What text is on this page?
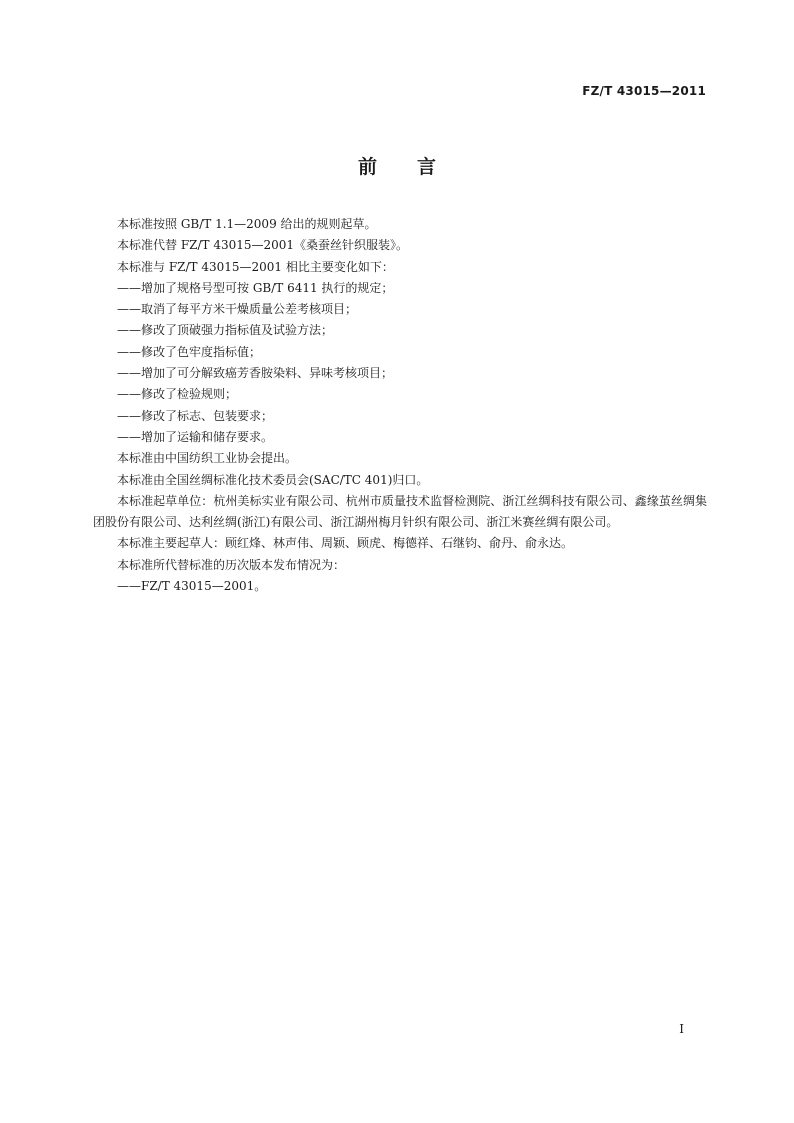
FZ/T 43015—2011
前言

本标准按照 GB/T 1.1—2009 给出的规则起草。

本标准代替 FZ/T 43015—2001《桑蚕丝针织服装》。

本标准与 FZ/T 43015—2001 相比主要变化如下：

——增加了规格号型可按 GB/T 6411 执行的规定；

——取消了每平方米干燥质量公差考核项目；

——修改了顶破强力指标值及试验方法；

——修改了色牢度指标值；

——增加了可分解致癌芳香胺染料、异味考核项目；

——修改了检验规则；

——修改了标志、包装要求；

——增加了运输和储存要求。

本标准由中国纺织工业协会提出。

本标准由全国丝绸标准化技术委员会(SAC/TC 401)归口。

本标准起草单位：杭州美标实业有限公司、杭州市质量技术监督检测院、浙江丝绸科技有限公司、鑫缘茧丝绸集团股份有限公司、达利丝绸(浙江)有限公司、浙江湖州梅月针织有限公司、浙江米赛丝绸有限公司。

本标准主要起草人：顾红烽、林声伟、周颖、顾虎、梅德祥、石继钧、俞丹、俞永达。

本标准所代替标准的历次版本发布情况为：

——FZ/T 43015—2001。

I
